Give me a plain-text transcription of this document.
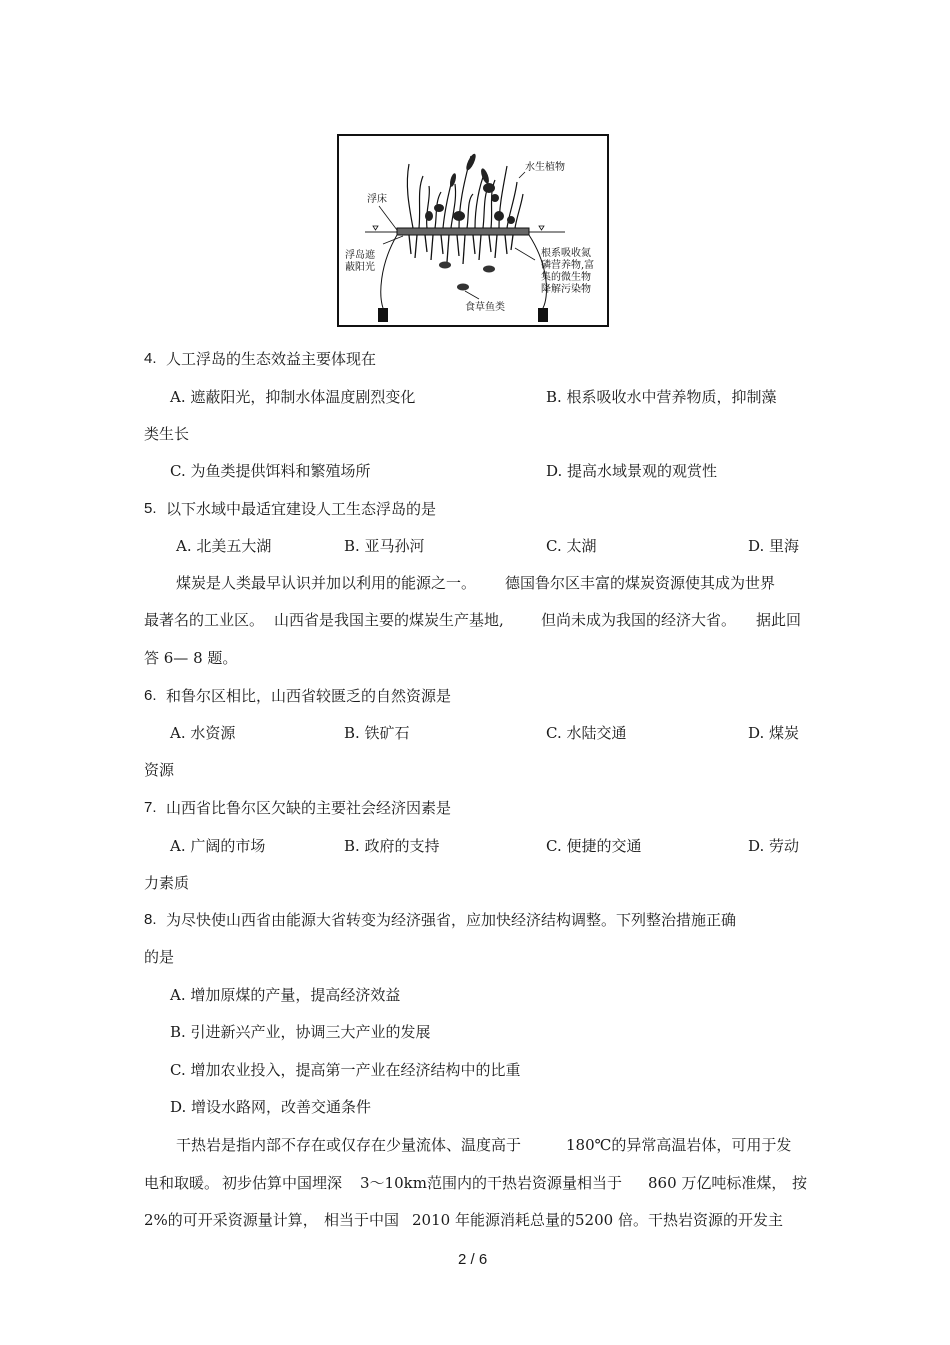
水生植物
浮床
浮岛遮
蔽阳光
根系吸收氮
磷营养物,富
集的微生物
降解污染物
食草鱼类
4. 人工浮岛的生态效益主要体现在
A. 遮蔽阳光，抑制水体温度剧烈变化	B. 根系吸收水中营养物质，抑制藻
类生长
C. 为鱼类提供饵料和繁殖场所	D. 提高水域景观的观赏性
5. 以下水域中最适宜建设人工生态浮岛的是
A. 北美五大湖	B. 亚马孙河	C. 太湖	D. 里海
煤炭是人类最早认识并加以利用的能源之一。 德国鲁尔区丰富的煤炭资源使其成为世界
最著名的工业区。 山西省是我国主要的煤炭生产基地, 但尚未成为我国的经济大省。 据此回
答 6— 8 题。
6. 和鲁尔区相比，山西省较匮乏的自然资源是
A. 水资源	B. 铁矿石	C. 水陆交通	D. 煤炭
资源
7. 山西省比鲁尔区欠缺的主要社会经济因素是
A. 广阔的市场	B. 政府的支持	C. 便捷的交通	D. 劳动
力素质
8. 为尽快使山西省由能源大省转变为经济强省，应加快经济结构调整。下列整治措施正确
的是
A. 增加原煤的产量，提高经济效益
B. 引进新兴产业，协调三大产业的发展
C. 增加农业投入，提高第一产业在经济结构中的比重
D. 增设水路网，改善交通条件
干热岩是指内部不存在或仅存在少量流体、温度高于	180℃的异常高温岩体，可用于发
电和取暖。 初步估算中国埋深 3～10km范围内的干热岩资源量相当于 860 万亿吨标准煤， 按
2%的可开采资源量计算， 相当于中国 2010 年能源消耗总量的 5200 倍。干热岩资源的开发主
2 / 6
